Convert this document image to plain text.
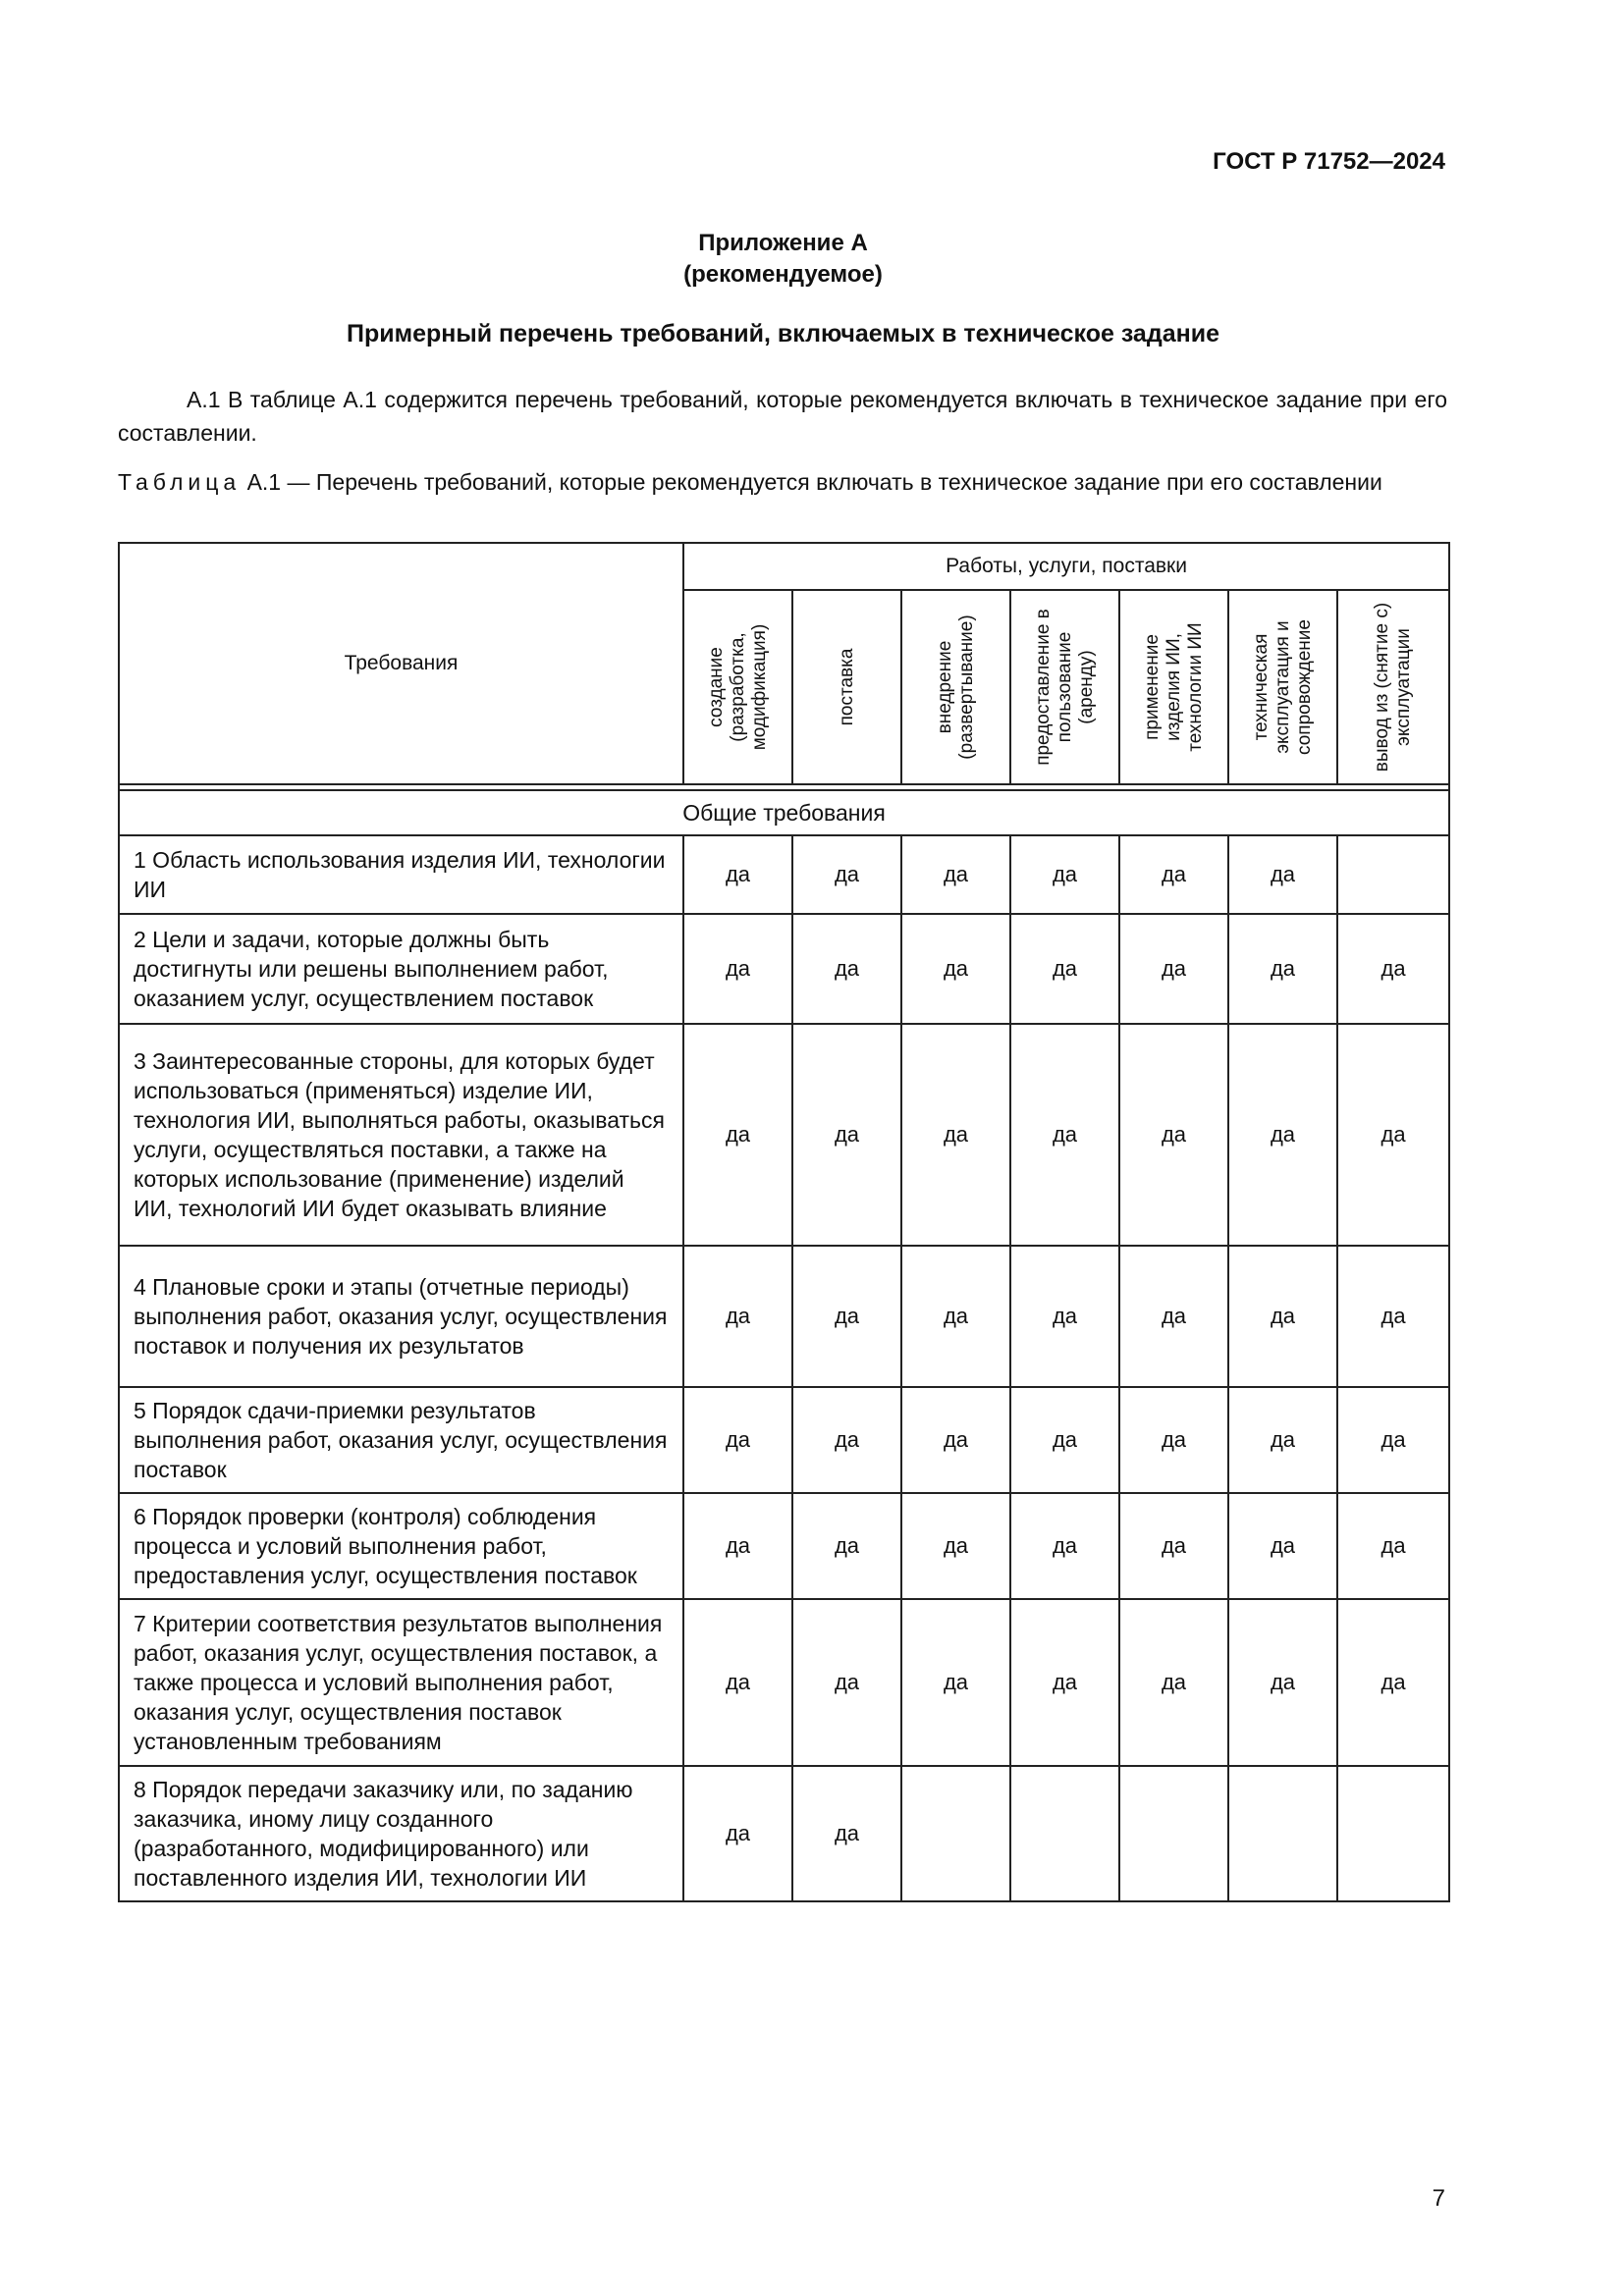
ГОСТ Р 71752—2024
Приложение А
(рекомендуемое)
Примерный перечень требований, включаемых в техническое задание

А.1 В таблице А.1 содержится перечень требований, которые рекомендуется включать в техническое задание при его составлении.

Таблица А.1 — Перечень требований, которые рекомендуется включать в техническое задание при его составлении

Требования	Работы, услуги, поставки						

	создание (разработка, модификация)	поставка	внедрение (развертывание)	предоставление в пользование (аренду)	применение изделия ИИ, технологии ИИ	техническая эксплуатация и сопровождение	вывод из (снятие с) эксплуатации

Общие требования							
1 Область использования изделия ИИ, технологии ИИ	да	да	да	да	да	да	
2 Цели и задачи, которые должны быть достигнуты или решены выполнением работ, оказанием услуг, осуществлением поставок	да	да	да	да	да	да	да
3 Заинтересованные стороны, для которых будет использоваться (применяться) изделие ИИ, технология ИИ, выполняться работы, оказываться услуги, осуществляться поставки, а также на которых использование (применение) изделий ИИ, технологий ИИ будет оказывать влияние	да	да	да	да	да	да	да
4 Плановые сроки и этапы (отчетные периоды) выполнения работ, оказания услуг, осуществления поставок и получения их результатов	да	да	да	да	да	да	да
5 Порядок сдачи-приемки результатов выполнения работ, оказания услуг, осуществления поставок	да	да	да	да	да	да	да
6 Порядок проверки (контроля) соблюдения процесса и условий выполнения работ, предоставления услуг, осуществления поставок	да	да	да	да	да	да	да
7 Критерии соответствия результатов выполнения работ, оказания услуг, осуществления поставок, а также процесса и условий выполнения работ, оказания услуг, осуществления поставок установленным требованиям	да	да	да	да	да	да	да
8 Порядок передачи заказчику или, по заданию заказчика, иному лицу созданного (разработанного, модифицированного) или поставленного изделия ИИ, технологии ИИ	да	да					
7
